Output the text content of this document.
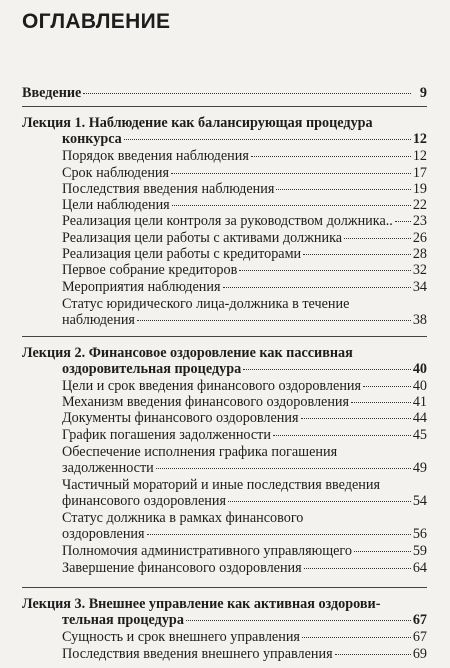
ОГЛАВЛЕНИЕ
Введение	9
Лекция 1. Наблюдение как балансирующая процедура
конкурса	12
Порядок введения наблюдения	12
Срок наблюдения	17
Последствия введения наблюдения	19
Цели наблюдения	22
Реализация цели контроля за руководством должника.. 23
Реализация цели работы с активами должника	26
Реализация цели работы с кредиторами	28
Первое собрание кредиторов	32
Мероприятия наблюдения	34
Статус юридического лица-должника в течение
наблюдения	38
Лекция 2. Финансовое оздоровление как пассивная
оздоровительная процедура	40
Цели и срок введения финансового оздоровления	40
Механизм введения финансового оздоровления	41
Документы финансового оздоровления	44
График погашения задолженности	45
Обеспечение исполнения графика погашения
задолженности	49
Частичный мораторий и иные последствия введения
финансового оздоровления	54
Статус должника в рамках финансового
оздоровления	56
Полномочия административного управляющего	59
Завершение финансового оздоровления	64
Лекция 3. Внешнее управление как активная оздорови-
тельная процедура	67
Сущность и срок внешнего управления	67
Последствия введения внешнего управления	69
